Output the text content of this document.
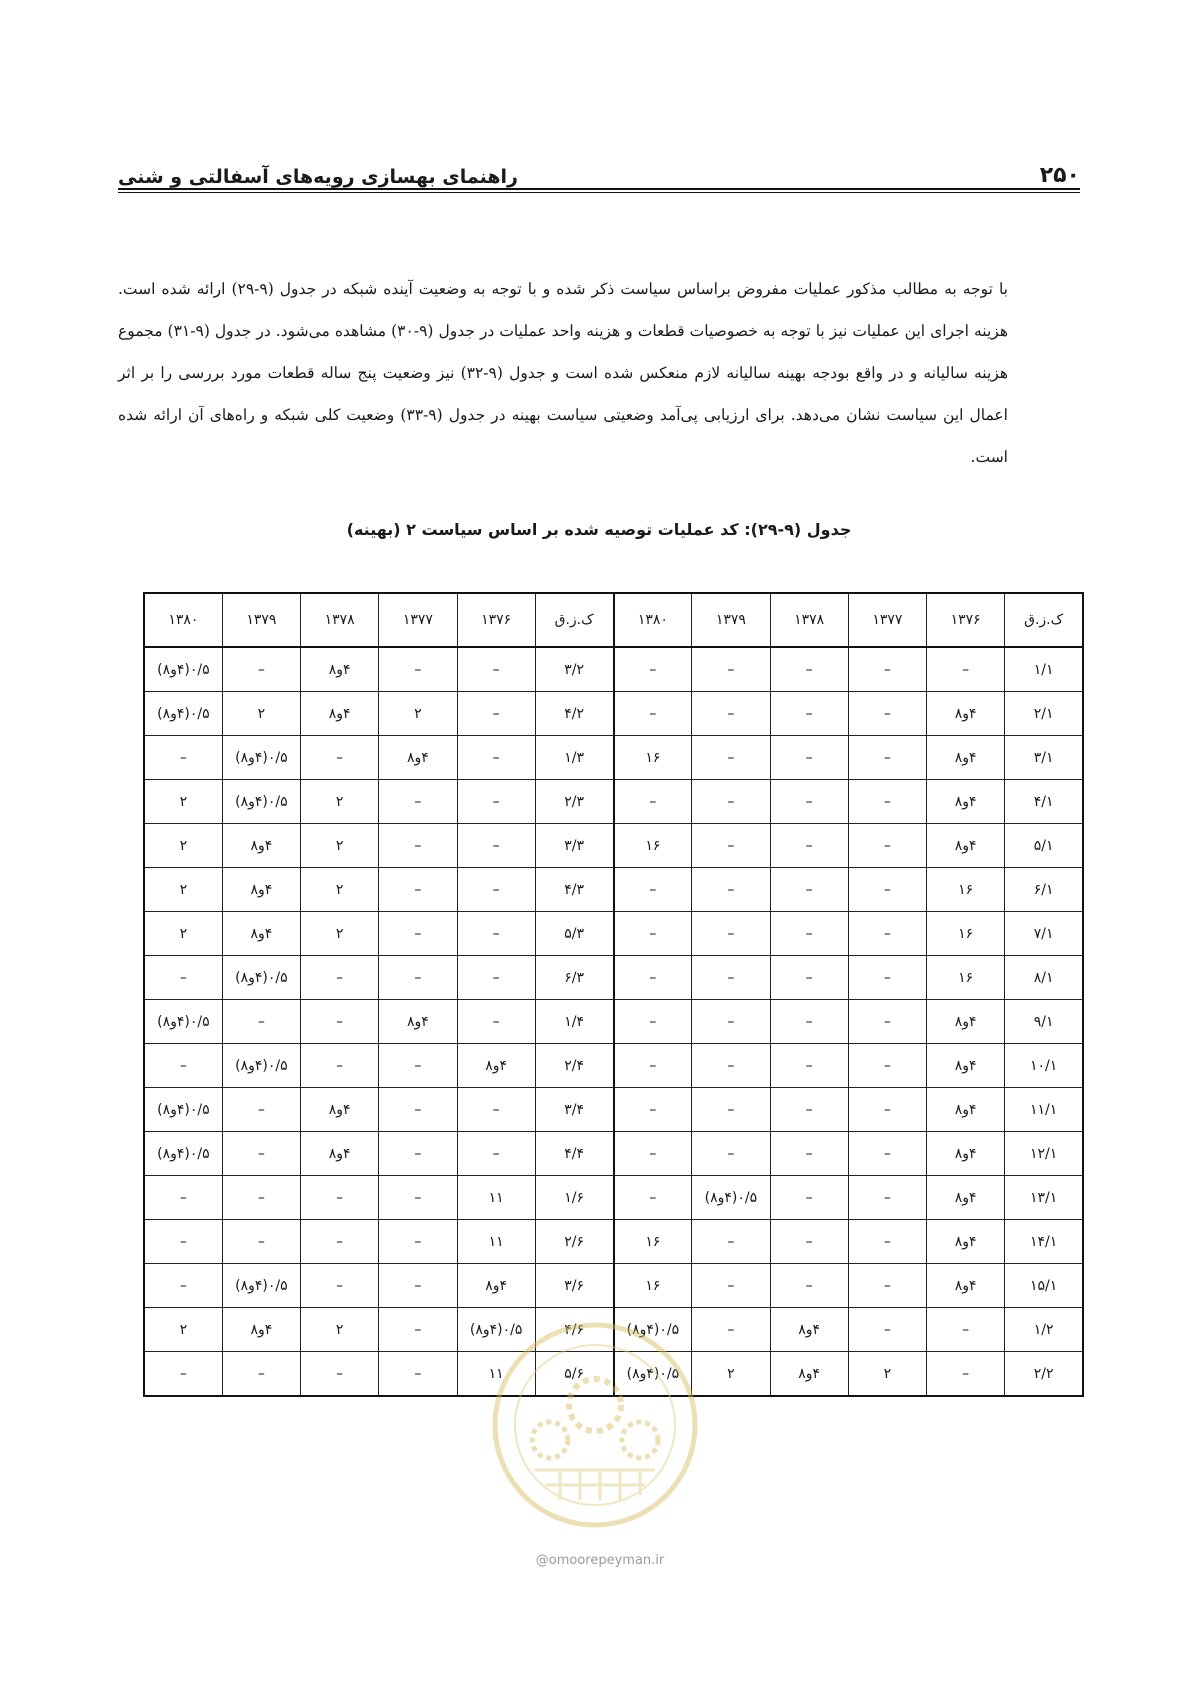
۲۵۰
راهنمای بهسازی رویه‌های آسفالتی و شنی

با توجه به مطالب مذکور عملیات مفروض براساس سیاست ذکر شده و با توجه به وضعیت آینده شبکه در جدول (۹-۲۹) ارائه شده است. هزینه اجرای این عملیات نیز با توجه به خصوصیات قطعات و هزینه واحد عملیات در جدول (۹-۳۰) مشاهده می‌شود. در جدول (۹-۳۱) مجموع هزینه سالیانه و در واقع بودجه بهینه سالیانه لازم منعکس شده است و جدول (۹-۳۲) نیز وضعیت پنج ساله قطعات مورد بررسی را بر اثر اعمال این سیاست نشان می‌دهد. برای ارزیابی پی‌آمد وضعیتی سیاست بهینه در جدول (۹-۳۳) وضعیت کلی شبکه و راه‌های آن ارائه شده است.

جدول (۹-۲۹): کد عملیات توصیه شده بر اساس سیاست ۲ (بهینه)
ک.ز.ق	۱۳۷۶	۱۳۷۷	۱۳۷۸	۱۳۷۹	۱۳۸۰	ک.ز.ق	۱۳۷۶	۱۳۷۷	۱۳۷۸	۱۳۷۹	۱۳۸۰
۱/۱	–	–	–	–	–	۳/۲	–	–	۴و۸	–	۰/۵(۴و۸)
۲/۱	۴و۸	–	–	–	–	۴/۲	–	۲	۴و۸	۲	۰/۵(۴و۸)
۳/۱	۴و۸	–	–	–	۱۶	۱/۳	–	۴و۸	–	۰/۵(۴و۸)	–
۴/۱	۴و۸	–	–	–	–	۲/۳	–	–	۲	۰/۵(۴و۸)	۲
۵/۱	۴و۸	–	–	–	۱۶	۳/۳	–	–	۲	۴و۸	۲
۶/۱	۱۶	–	–	–	–	۴/۳	–	–	۲	۴و۸	۲
۷/۱	۱۶	–	–	–	–	۵/۳	–	–	۲	۴و۸	۲
۸/۱	۱۶	–	–	–	–	۶/۳	–	–	–	۰/۵(۴و۸)	–
۹/۱	۴و۸	–	–	–	–	۱/۴	–	۴و۸	–	–	۰/۵(۴و۸)
۱۰/۱	۴و۸	–	–	–	–	۲/۴	۴و۸	–	–	۰/۵(۴و۸)	–
۱۱/۱	۴و۸	–	–	–	–	۳/۴	–	–	۴و۸	–	۰/۵(۴و۸)
۱۲/۱	۴و۸	–	–	–	–	۴/۴	–	–	۴و۸	–	۰/۵(۴و۸)
۱۳/۱	۴و۸	–	–	۰/۵(۴و۸)	–	۱/۶	۱۱	–	–	–	–
۱۴/۱	۴و۸	–	–	–	۱۶	۲/۶	۱۱	–	–	–	–
۱۵/۱	۴و۸	–	–	–	۱۶	۳/۶	۴و۸	–	–	۰/۵(۴و۸)	–
۱/۲	–	–	۴و۸	–	۰/۵(۴و۸)	۴/۶	۰/۵(۴و۸)	–	۲	۴و۸	۲
۲/۲	–	۲	۴و۸	۲	۰/۵(۴و۸)	۵/۶	۱۱	–	–	–	–
@omoorepeyman.ir
